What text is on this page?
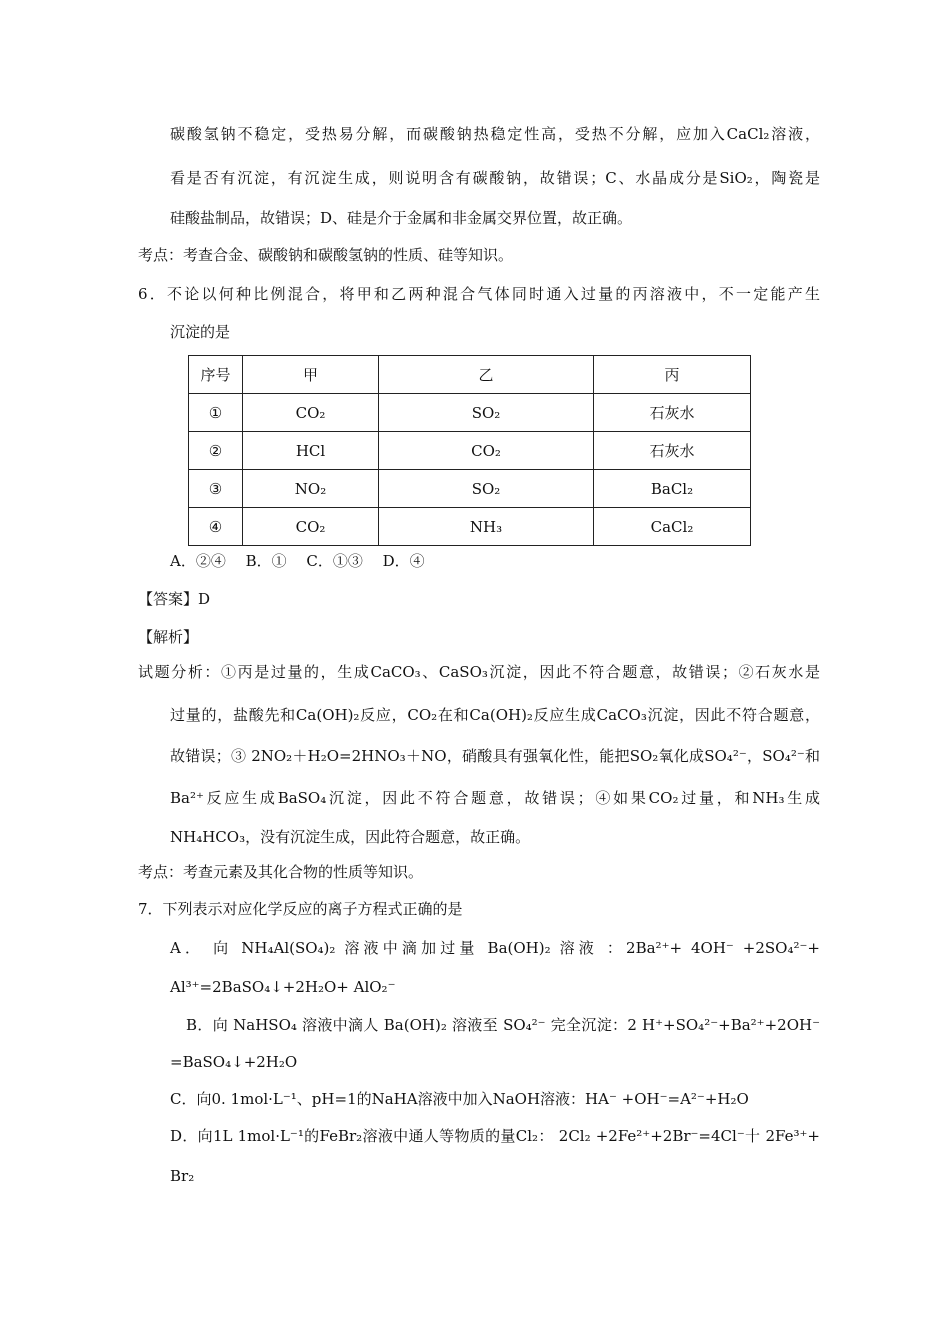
碳酸氢钠不稳定，受热易分解，而碳酸钠热稳定性高，受热不分解，应加入CaCl₂溶液，
看是否有沉淀，有沉淀生成，则说明含有碳酸钠，故错误；C、水晶成分是SiO₂，陶瓷是
硅酸盐制品，故错误；D、硅是介于金属和非金属交界位置，故正确。
考点：考查合金、碳酸钠和碳酸氢钠的性质、硅等知识。
6．不论以何种比例混合，将甲和乙两种混合气体同时通入过量的丙溶液中，不一定能产生
沉淀的是
序号	甲	乙	丙
①	CO₂	SO₂	石灰水
②	HCl	CO₂	石灰水
③	NO₂	SO₂	BaCl₂
④	CO₂	NH₃	CaCl₂
A．②④　 B．①　 C．①③　 D．④
【答案】D
【解析】
试题分析：①丙是过量的，生成CaCO₃、CaSO₃沉淀，因此不符合题意，故错误；②石灰水是
过量的，盐酸先和Ca(OH)₂反应，CO₂在和Ca(OH)₂反应生成CaCO₃沉淀，因此不符合题意，
故错误；③ 2NO₂＋H₂O=2HNO₃＋NO，硝酸具有强氧化性，能把SO₂氧化成SO₄²⁻，SO₄²⁻和
Ba²⁺反应生成BaSO₄沉淀，因此不符合题意，故错误；④如果CO₂过量，和NH₃生成
NH₄HCO₃，没有沉淀生成，因此符合题意，故正确。
考点：考查元素及其化合物的性质等知识。
7．下列表示对应化学反应的离子方程式正确的是
A． 向 NH₄Al(SO₄)₂ 溶液中滴加过量 Ba(OH)₂ 溶液 ：2Ba²⁺+ 4OH⁻ +2SO₄²⁻+
Al³⁺=2BaSO₄↓+2H₂O+ AlO₂⁻
B．向 NaHSO₄ 溶液中滴人 Ba(OH)₂ 溶液至 SO₄²⁻ 完全沉淀：2 H⁺+SO₄²⁻+Ba²⁺+2OH⁻
=BaSO₄↓+2H₂O
C．向0. 1mol·L⁻¹、pH=1的NaHA溶液中加入NaOH溶液：HA⁻ +OH⁻=A²⁻+H₂O
D．向1L 1mol·L⁻¹的FeBr₂溶液中通人等物质的量Cl₂： 2Cl₂ +2Fe²⁺+2Br⁻=4Cl⁻十 2Fe³⁺+
Br₂
